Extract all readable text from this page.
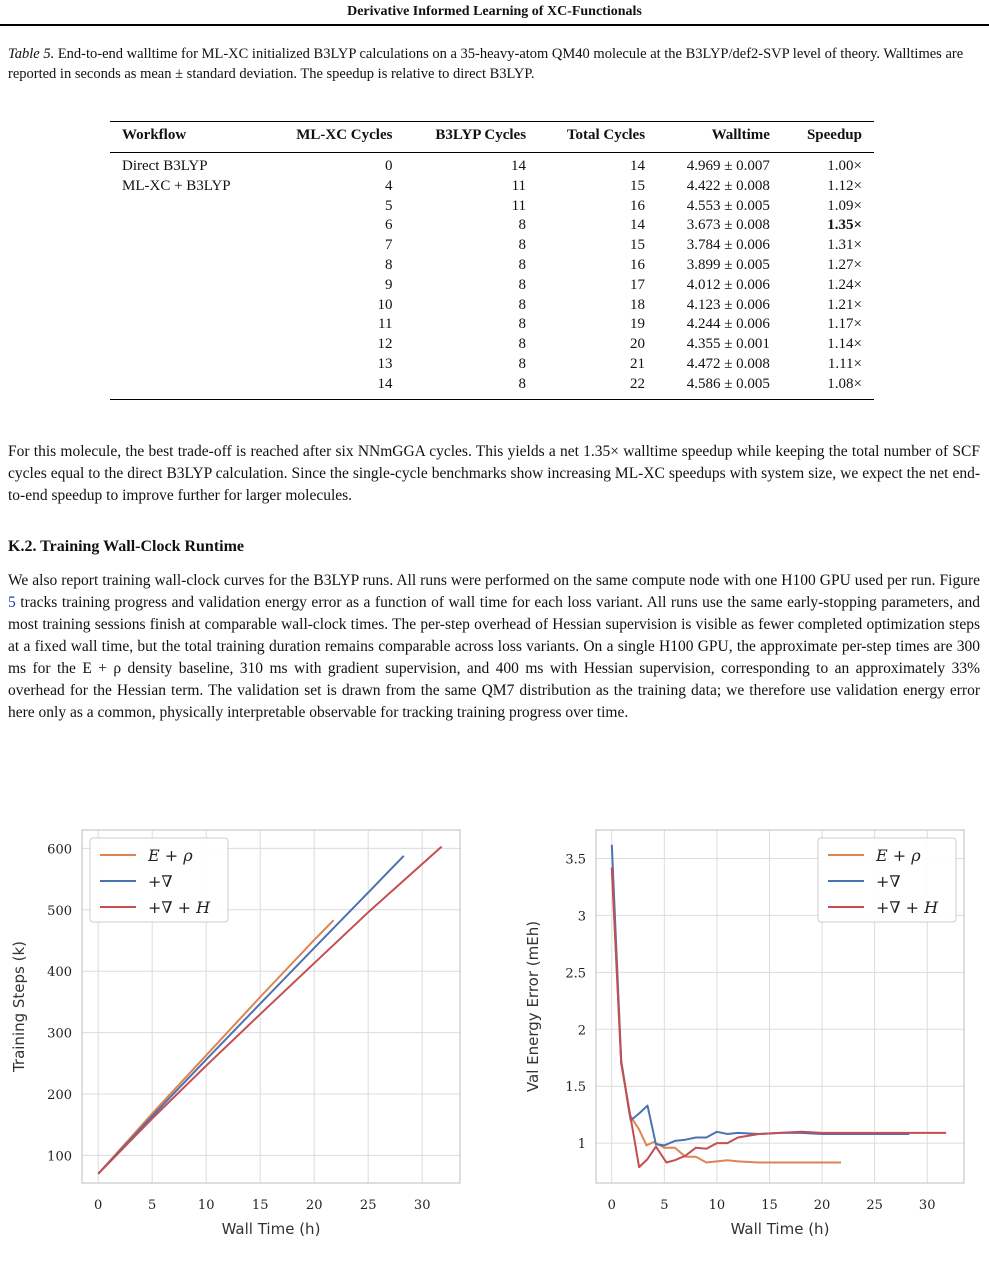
Derivative Informed Learning of XC-Functionals
Table 5. End-to-end walltime for ML-XC initialized B3LYP calculations on a 35-heavy-atom QM40 molecule at the B3LYP/def2-SVP level of theory. Walltimes are reported in seconds as mean ± standard deviation. The speedup is relative to direct B3LYP.
Workflow	ML-XC Cycles	B3LYP Cycles	Total Cycles	Walltime	Speedup
Direct B3LYP	0	14	14	4.969 ± 0.007	1.00×
ML-XC + B3LYP	4	11	15	4.422 ± 0.008	1.12×
	5	11	16	4.553 ± 0.005	1.09×
	6	8	14	3.673 ± 0.008	1.35×
	7	8	15	3.784 ± 0.006	1.31×
	8	8	16	3.899 ± 0.005	1.27×
	9	8	17	4.012 ± 0.006	1.24×
	10	8	18	4.123 ± 0.006	1.21×
	11	8	19	4.244 ± 0.006	1.17×
	12	8	20	4.355 ± 0.001	1.14×
	13	8	21	4.472 ± 0.008	1.11×
	14	8	22	4.586 ± 0.005	1.08×
For this molecule, the best trade-off is reached after six NNmGGA cycles. This yields a net 1.35× walltime speedup while keeping the total number of SCF cycles equal to the direct B3LYP calculation. Since the single-cycle benchmarks show increasing ML-XC speedups with system size, we expect the net end-to-end speedup to improve further for larger molecules.
K.2. Training Wall-Clock Runtime
We also report training wall-clock curves for the B3LYP runs. All runs were performed on the same compute node with one H100 GPU used per run. Figure 5 tracks training progress and validation energy error as a function of wall time for each loss variant. All runs use the same early-stopping parameters, and most training sessions finish at comparable wall-clock times. The per-step overhead of Hessian supervision is visible as fewer completed optimization steps at a fixed wall time, but the total training duration remains comparable across loss variants. On a single H100 GPU, the approximate per-step times are 300 ms for the E + ρ density baseline, 310 ms with gradient supervision, and 400 ms with Hessian supervision, corresponding to an approximately 33% overhead for the Hessian term. The validation set is drawn from the same QM7 distribution as the training data; we therefore use validation energy error here only as a common, physically interpretable observable for tracking training progress over time.
0	5	10	15	20	25	30
100
200
300
400
500
600
Wall Time (h)
Training Steps (k)
E + ρ
+∇
+∇ + H
0	5	10	15	20	25	30
1
1.5
2
2.5
3
3.5
Wall Time (h)
Val Energy Error (mEh)
E + ρ
+∇
+∇ + H
